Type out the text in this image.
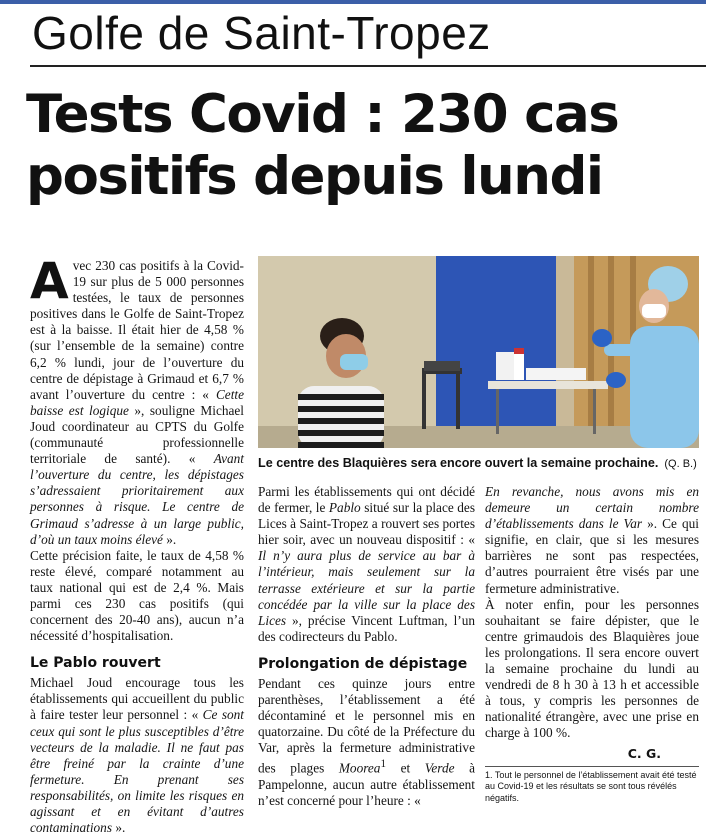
Golfe de Saint-Tropez
Tests Covid : 230 cas
positifs depuis lundi

Avec 230 cas positifs à la Covid-19 sur plus de 5 000 personnes testées, le taux de personnes positives dans le Golfe de Saint-Tropez est à la baisse. Il était hier de 4,58 % (sur l’ensemble de la semaine) contre 6,2 % lundi, jour de l’ouverture du centre de dépistage à Grimaud et 6,7 % avant l’ouverture du centre : « Cette baisse est logique », souligne Michael Joud coordinateur au CPTS du Golfe (communauté professionnelle territoriale de santé). « Avant l’ouverture du centre, les dépistages s’adressaient prioritairement aux personnes à risque. Le centre de Grimaud s’adresse à un large public, d’où un taux moins élevé ».

Cette précision faite, le taux de 4,58 % reste élevé, comparé notamment au taux national qui est de 2,4 %. Mais parmi ces 230 cas positifs (qui concernent des 20-40 ans), aucun n’a nécessité d’hospitalisation.

Le Pablo rouvert

Michael Joud encourage tous les établissements qui accueillent du public à faire tester leur personnel : « Ce sont ceux qui sont le plus susceptibles d’être vecteurs de la maladie. Il ne faut pas être freiné par la crainte d’une fermeture. En prenant ses responsabilités, on limite les risques en agissant et en évitant d’autres contaminations ».

Le centre des Blaquières sera encore ouvert la semaine prochaine. (Q. B.)

Parmi les établissements qui ont décidé de fermer, le Pablo situé sur la place des Lices à Saint-Tropez a rouvert ses portes hier soir, avec un nouveau dispositif : « Il n’y aura plus de service au bar à l’intérieur, mais seulement sur la terrasse extérieure et sur la partie concédée par la ville sur la place des Lices », précise Vincent Luftman, l’un des codirecteurs du Pablo.

Prolongation de dépistage

Pendant ces quinze jours entre parenthèses, l’établissement a été décontaminé et le personnel mis en quatorzaine. Du côté de la Préfecture du Var, après la fermeture administrative des plages Moorea$^1$ et Verde à Pampelonne, aucun autre établissement n’est concerné pour l’heure : «

En revanche, nous avons mis en demeure un certain nombre d’établissements dans le Var ». Ce qui signifie, en clair, que si les mesures barrières ne sont pas respectées, d’autres pourraient être visés par une fermeture administrative.

À noter enfin, pour les personnes souhaitant se faire dépister, que le centre grimaudois des Blaquières joue les prolongations. Il sera encore ouvert la semaine prochaine du lundi au vendredi de 8 h 30 à 13 h et accessible à tous, y compris les personnes de nationalité étrangère, avec une prise en charge à 100 %.

C. G.

1. Tout le personnel de l’établissement avait été testé au Covid-19 et les résultats se sont tous révélés négatifs.
